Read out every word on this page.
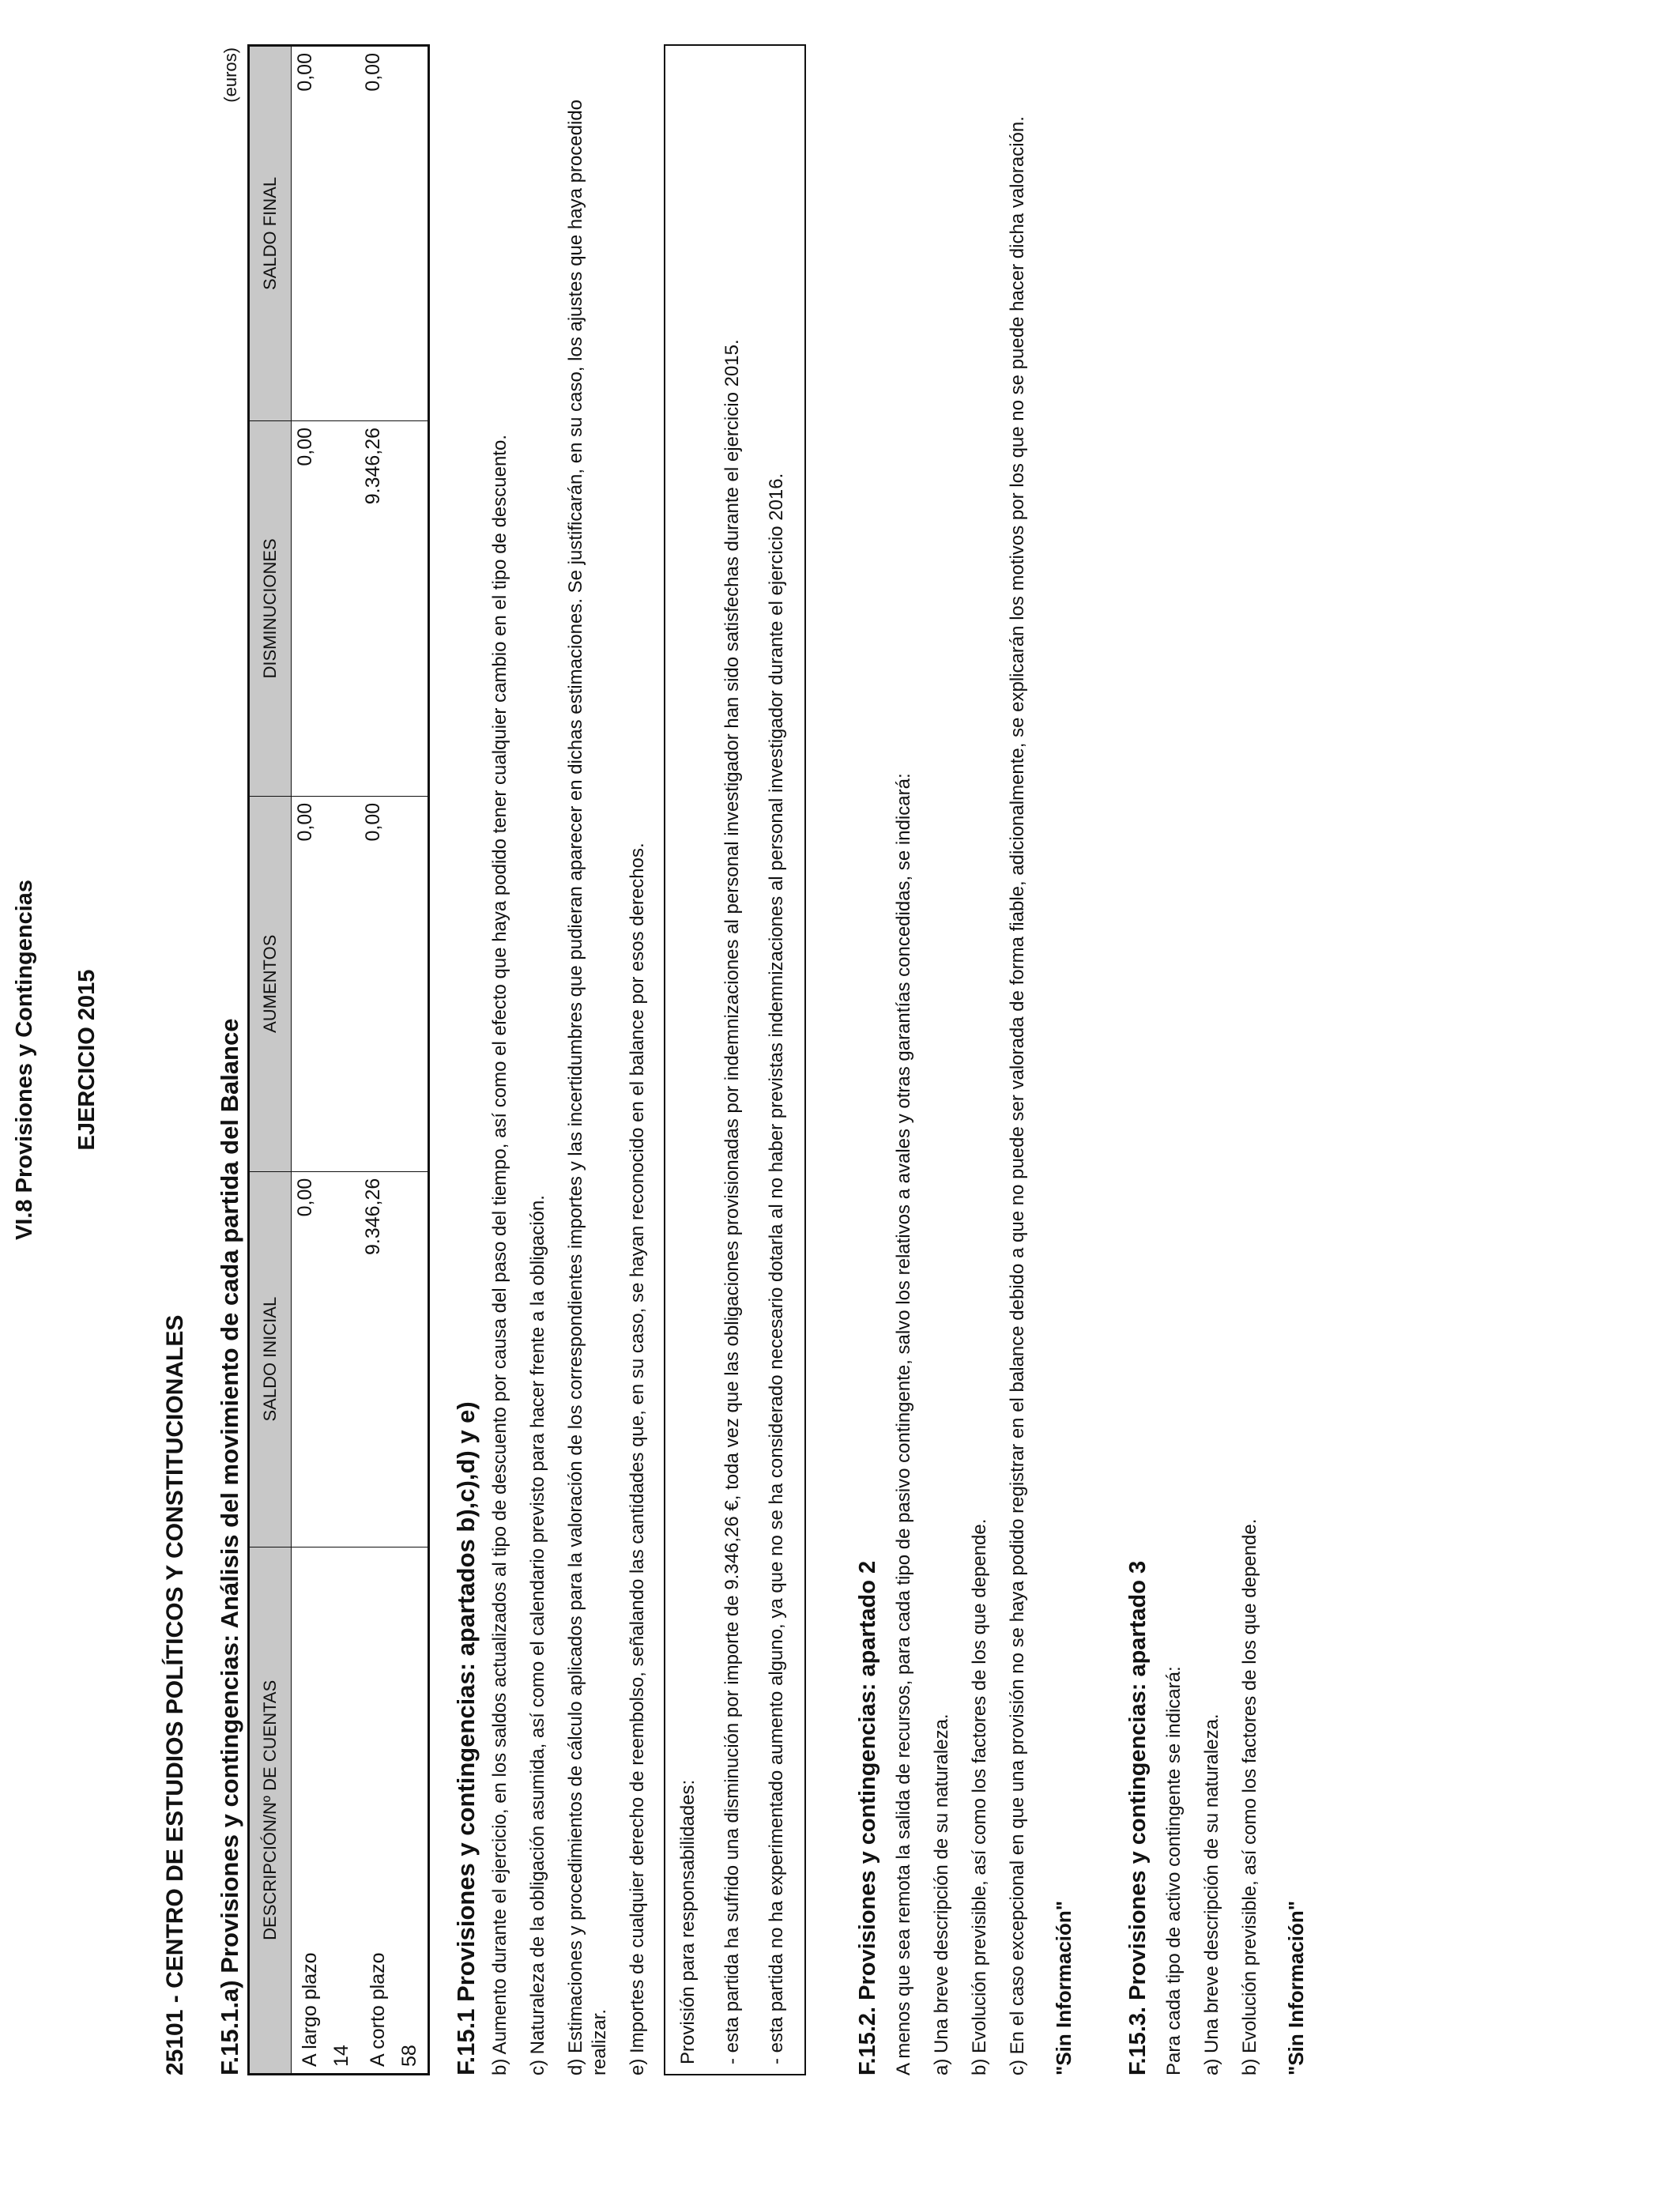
VI.8 Provisiones y Contingencias EJERCICIO 2015
25101 - CENTRO DE ESTUDIOS POLÍTICOS Y CONSTITUCIONALES F.15.1.a) Provisiones y contingencias: Análisis del movimiento de cada partida del Balance
(euros)
DESCRIPCIÓN/Nº DE CUENTAS	SALDO INICIAL	AUMENTOS	DISMINUCIONES	SALDO FINAL

A largo plazo 14	0,00	0,00	0,00	0,00

A corto plazo 58	9.346,26	0,00	9.346,26	0,00
F.15.1 Provisiones y contingencias: apartados b),c),d) y e) b) Aumento durante el ejercicio, en los saldos actualizados al tipo de descuento por causa del paso del tiempo, así como el efecto que haya podido tener cualquier cambio en el tipo de descuento. c) Naturaleza de la obligación asumida, así como el calendario previsto para hacer frente a la obligación. d) Estimaciones y procedimientos de cálculo aplicados para la valoración de los correspondientes importes y las incertidumbres que pudieran aparecer en dichas estimaciones. Se justificarán, en su caso, los ajustes que haya procedido realizar. e) Importes de cualquier derecho de reembolso, señalando las cantidades que, en su caso, se hayan reconocido en el balance por esos derechos. Provisión para responsabilidades: - esta partida ha sufrido una disminución por importe de 9.346,26 €, toda vez que las obligaciones provisionadas por indemnizaciones al personal investigador han sido satisfechas durante el ejercicio 2015. - esta partida no ha experimentado aumento alguno, ya que no se ha considerado necesario dotarla al no haber previstas indemnizaciones al personal investigador durante el ejercicio 2016.	F.15.2. Provisiones y contingencias: apartado 2 A menos que sea remota la salida de recursos, para cada tipo de pasivo contingente, salvo los relativos a avales y otras garantías concedidas, se indicará: a) Una breve descripción de su naturaleza. b) Evolución previsible, así como los factores de los que depende. c) En el caso excepcional en que una provisión no se haya podido registrar en el balance debido a que no puede ser valorada de forma fiable, adicionalmente, se explicarán los motivos por los que no se puede hacer dicha valoración. "Sin Información" F.15.3. Provisiones y contingencias: apartado 3 Para cada tipo de activo contingente se indicará: a) Una breve descripción de su naturaleza. b) Evolución previsible, así como los factores de los que depende. "Sin Información"
